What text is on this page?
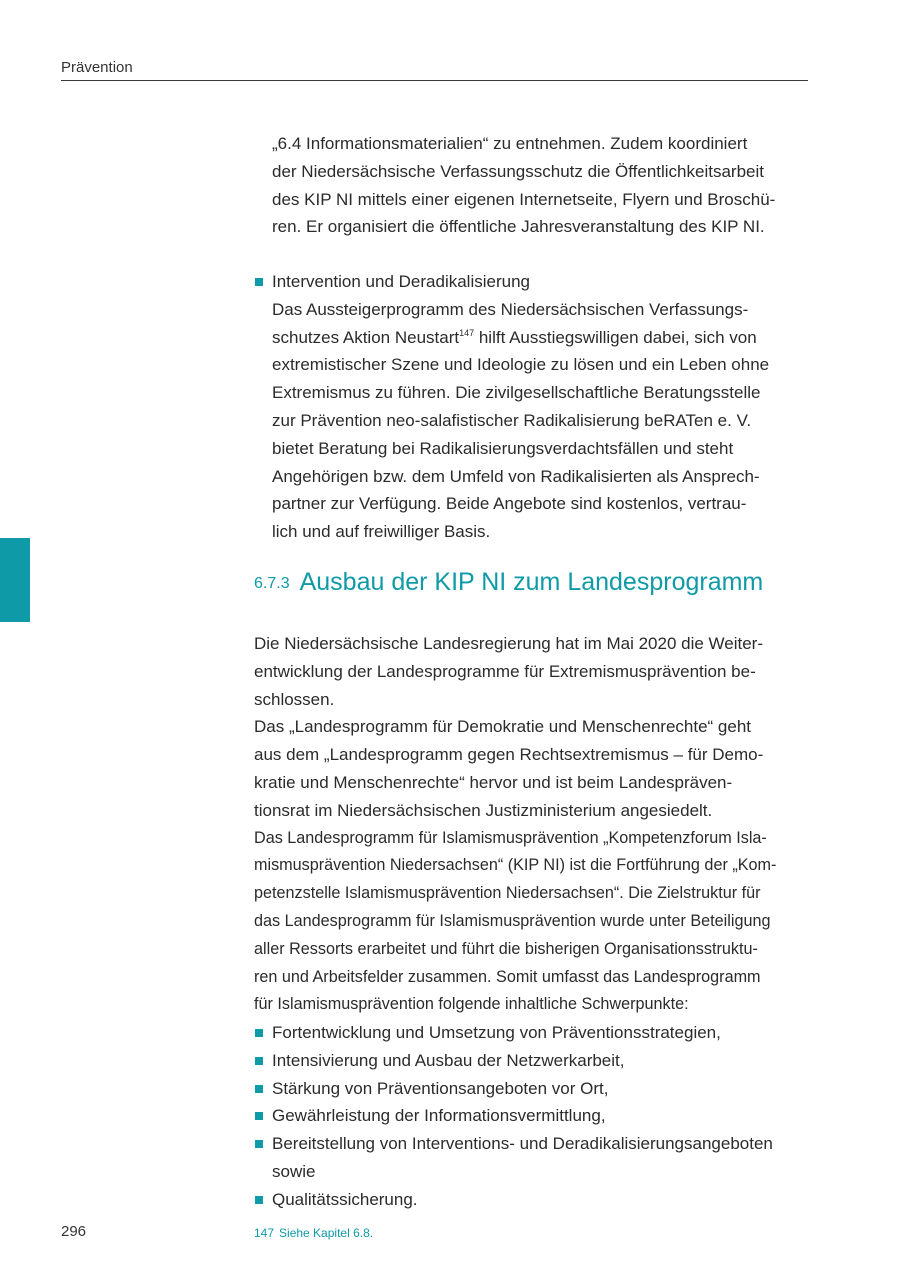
Prävention
„6.4 Informationsmaterialien“ zu entnehmen. Zudem koordiniert
der Niedersächsische Verfassungsschutz die Öffentlichkeitsarbeit
des KIP NI mittels einer eigenen Internetseite, Flyern und Broschü-
ren. Er organisiert die öffentliche Jahresveranstaltung des KIP NI.
Intervention und Deradikalisierung
Das Aussteigerprogramm des Niedersächsischen Verfassungs-
schutzes Aktion Neustart$^{147}$ hilft Ausstiegswilligen dabei, sich von
extremistischer Szene und Ideologie zu lösen und ein Leben ohne
Extremismus zu führen. Die zivilgesellschaftliche Beratungsstelle
zur Prävention neo-salafistischer Radikalisierung beRATen e. V.
bietet Beratung bei Radikalisierungsverdachtsfällen und steht
Angehörigen bzw. dem Umfeld von Radikalisierten als Ansprech-
partner zur Verfügung. Beide Angebote sind kostenlos, vertrau-
lich und auf freiwilliger Basis.
6.7.3 Ausbau der KIP NI zum Landesprogramm
Die Niedersächsische Landesregierung hat im Mai 2020 die Weiter-
entwicklung der Landesprogramme für Extremismusprävention be-
schlossen.
Das „Landesprogramm für Demokratie und Menschenrechte“ geht
aus dem „Landesprogramm gegen Rechtsextremismus – für Demo-
kratie und Menschenrechte“ hervor und ist beim Landespräven-
tionsrat im Niedersächsischen Justizministerium angesiedelt.
Das Landesprogramm für Islamismusprävention „Kompetenzforum Isla-
mismusprävention Niedersachsen“ (KIP NI) ist die Fortführung der „Kom-
petenzstelle Islamismusprävention Niedersachsen“. Die Zielstruktur für
das Landesprogramm für Islamismusprävention wurde unter Beteiligung
aller Ressorts erarbeitet und führt die bisherigen Organisationsstruktu-
ren und Arbeitsfelder zusammen. Somit umfasst das Landesprogramm
für Islamismusprävention folgende inhaltliche Schwerpunkte:
Fortentwicklung und Umsetzung von Präventionsstrategien,
Intensivierung und Ausbau der Netzwerkarbeit,
Stärkung von Präventionsangeboten vor Ort,
Gewährleistung der Informationsvermittlung,
Bereitstellung von Interventions- und Deradikalisierungsangeboten
sowie
Qualitätssicherung.
296	147 Siehe Kapitel 6.8.
